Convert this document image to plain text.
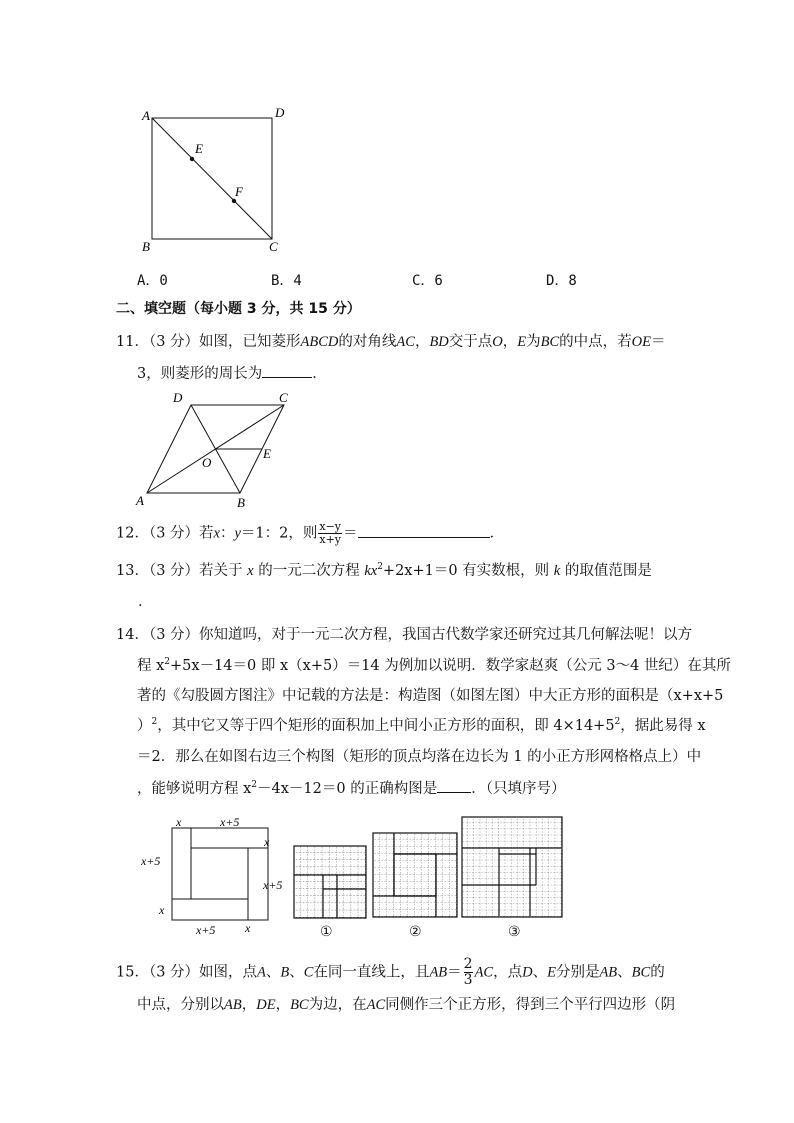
A	D
E
F
B	C
A．0	B．4	C．6	D．8
二、填空题（每小题 3 分，共 15 分）
11．（3 分）如图，已知菱形ABCD的对角线AC，BD交于点O，E为BC的中点，若OE＝
3，则菱形的周长为	．
D	C
O
E
A	B
12．（3 分）若x：y＝1：2，则 $\frac{x-y}{x+y}$ ＝	．
13．（3 分）若关于 x 的一元二次方程 $kx^2+2x+1=0$ 有实数根，则 k 的取值范围是
．
14．（3 分）你知道吗，对于一元二次方程，我国古代数学家还研究过其几何解法呢！以方
程 $x^2+5x-14=0$ 即 x（x+5）＝14 为例加以说明．数学家赵爽（公元 3～4 世纪）在其所
著的《勾股圆方图注》中记载的方法是：构造图（如图左图）中大正方形的面积是（x+x+5
）$^2$，其中它又等于四个矩形的面积加上中间小正方形的面积，即 $4\times 14+5^2$，据此易得 x
＝2．那么在如图右边三个构图（矩形的顶点均落在边长为 1 的小正方形网格格点上）中
，能够说明方程 $x^2-4x-12=0$ 的正确构图是 ．（只填序号）
x	x+5
x
x+5
x+5
x
x+5 x	①	②	③
15．（3 分）如图，点A、B、C在同一直线上，且$AB= \frac{2}{3}$ AC，点D、E分别是AB、BC的
中点，分别以AB，DE，BC为边，在AC同侧作三个正方形，得到三个平行四边形（阴
